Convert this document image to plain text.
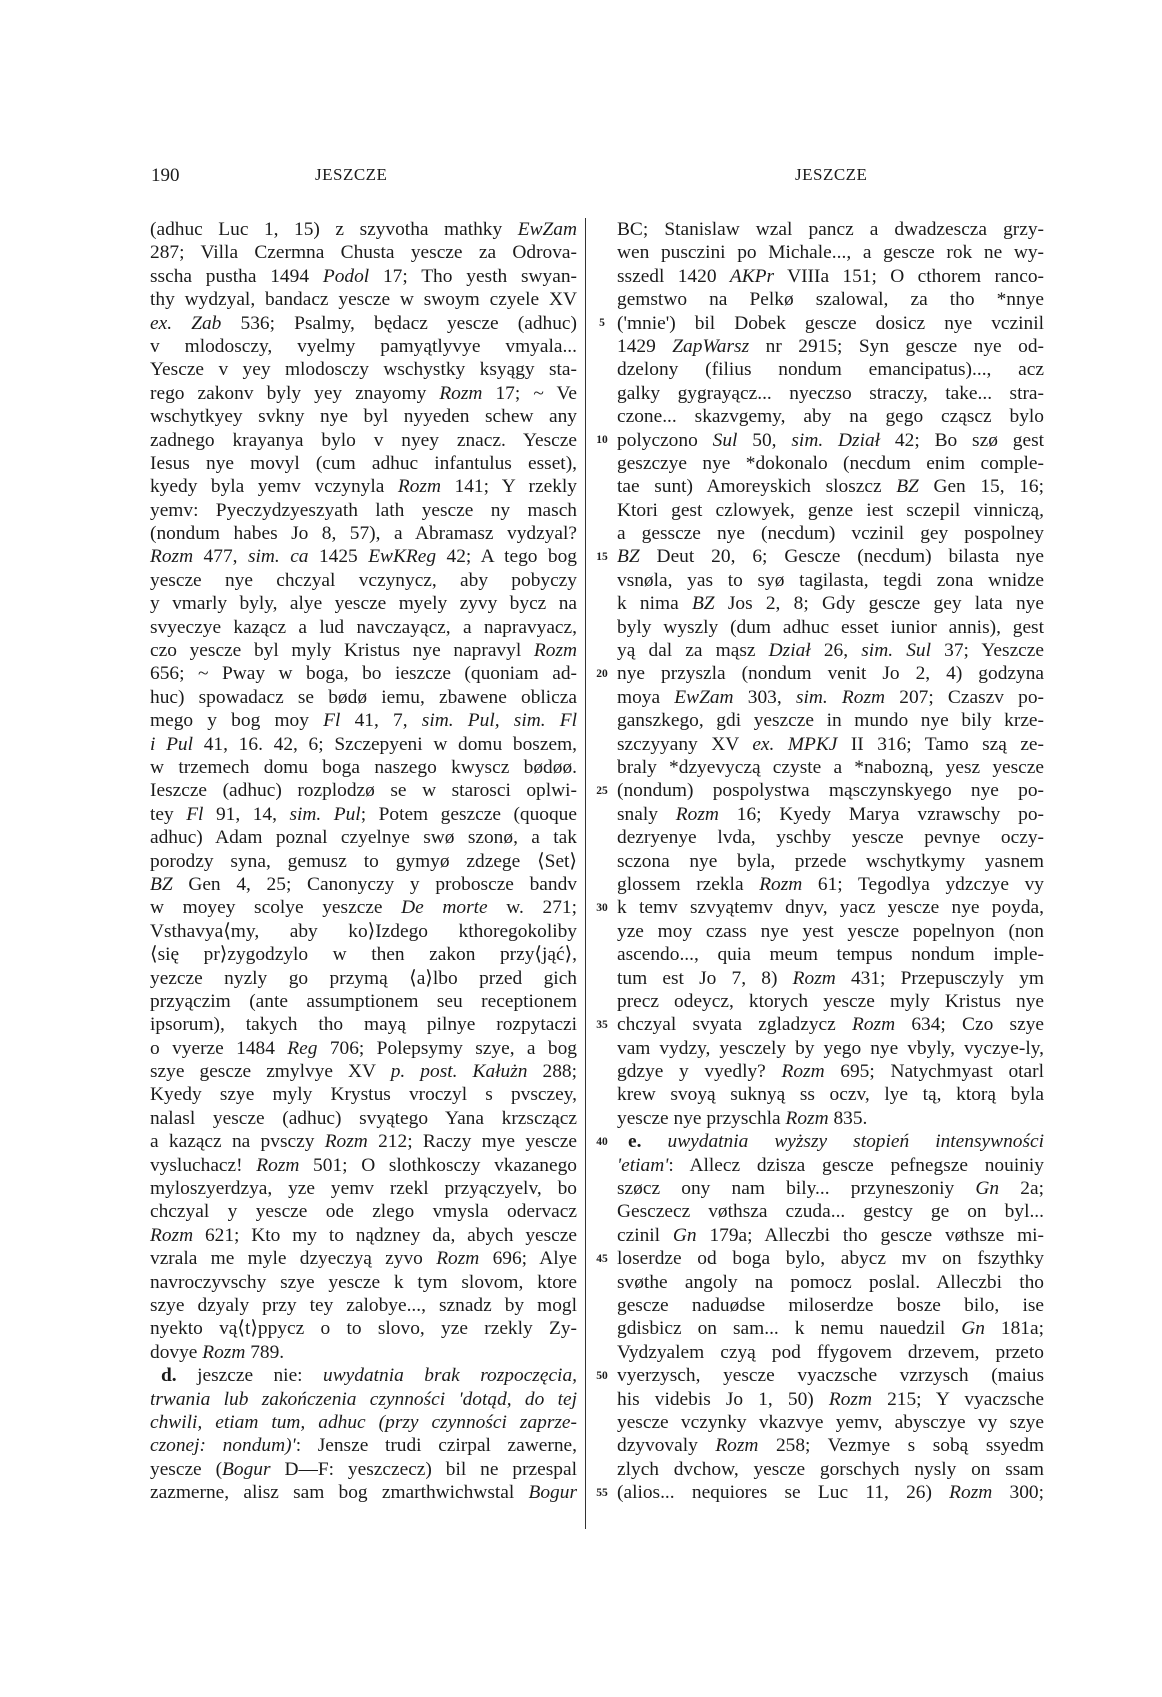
190	JESZCZE	JESZCZE
(adhuc Luc 1, 15) z szyvotha mathky EwZam
287; Villa Czermna Chusta yescze za Odrova-
sscha pustha 1494 Podol 17; Tho yesth swyan-
thy wydzyal, bandacz yescze w swoym czyele XV
ex. Zab 536; Psalmy, będacz yescze (adhuc)
v mlodosczy, vyelmy pamyątlyvye vmyala...
Yescze v yey mlodosczy wschystky ksyągy sta-
rego zakonv byly yey znayomy Rozm 17; ~ Ve
wschytkyey svkny nye byl nyyeden schew any
zadnego krayanya bylo v nyey znacz. Yescze
Iesus nye movyl (cum adhuc infantulus esset),
kyedy byla yemv vczynyla Rozm 141; Y rzekly
yemv: Pyeczydzyeszyath lath yescze ny masch
(nondum habes Jo 8, 57), a Abramasz vydzyal?
Rozm 477, sim. ca 1425 EwKReg 42; A tego bog
yescze nye chczyal vczynycz, aby pobyczy
y vmarly byly, alye yescze myely zyvy bycz na
svyeczye kazącz a lud navczayącz, a napravyacz,
czo yescze byl myly Kristus nye napravyl Rozm
656; ~ Pway w boga, bo ieszcze (quoniam ad-
huc) spowadacz se bødø iemu, zbawene oblicza
mego y bog moy Fl 41, 7, sim. Pul, sim. Fl
i Pul 41, 16. 42, 6; Szczepyeni w domu boszem,
w trzemech domu boga naszego kwyscz bødøø.
Ieszcze (adhuc) rozplodzø se w starosci oplwi-
tey Fl 91, 14, sim. Pul; Potem geszcze (quoque
adhuc) Adam poznal czyelnye swø szonø, a tak
porodzy syna, gemusz to gymyø zdzege ⟨Set⟩
BZ Gen 4, 25; Canonyczy y probosczе bandv
w moyey scolye yeszcze De morte w. 271;
Vsthavya⟨my, aby ko⟩Izdego kthoregokoliby
⟨się pr⟩zygodzylo w then zakon przy⟨jąć⟩,
yezcze nyzly go przymą ⟨a⟩lbo przed gich
przyączim (ante assumptionem seu receptionem
ipsorum), takych tho mayą pilnye rozpytaczi
o vyerze 1484 Reg 706; Polepsymy szye, a bog
szye gescze zmylvye XV p. post. Kałużn 288;
Kyedy szye myly Krystus vroczyl s pvsczey,
nalasl yescze (adhuc) svyątego Yana krzsczącz
a kazącz na pvsczy Rozm 212; Raczy mye yescze
vysluchacz! Rozm 501; O slothkosczy vkazanego
myloszyerdzya, yze yemv rzekl przyączyelv, bo
chczyal y yescze ode zlego vmysla odervacz
Rozm 621; Kto my to nądzney da, abych yescze
vzrala me myle dzyeczyą zyvo Rozm 696; Alye
navroczyvschy szye yescze k tym slovom, ktore
szye dzyaly przy tey zalobye..., sznadz by mogl
nyekto vą⟨t⟩ppycz o to slovo, yze rzekly Zy-
dovye Rozm 789.
d. jeszcze nie: uwydatnia brak rozpoczęcia,
trwania lub zakończenia czynności 'dotąd, do tej
chwili, etiam tum, adhuc (przy czynności zaprze-
czonej: nondum)': Jensze trudi czirpal zawerne,
yescze (Bogur D—F: yeszczecz) bil ne przespal
zazmerne, alisz sam bog zmarthwichwstal Bogur
5
10
15
20
25
30
35
40
45
50
55
BC; Stanislaw wzal pancz a dwadzescza grzy-
wen pusczini po Michale..., a gescze rok ne wy-
sszedl 1420 AKPr VIIIa 151; O cthorem ranco-
gemstwo na Pelkø szalowal, za tho *nnye
('mnie') bil Dobek gescze dosicz nye vczinil
1429 ZapWarsz nr 2915; Syn gescze nye od-
dzelony (filius nondum emancipatus)..., acz
galky gygrayącz... nyeczso straczy, take... stra-
czone... skazvgemy, aby na gego cząscz bylo
polyczono Sul 50, sim. Dział 42; Bo szø gest
geszczye nye *dokonalo (necdum enim comple-
tae sunt) Amoreyskich sloszcz BZ Gen 15, 16;
Ktori gest czlowyek, genze iest sczepil vinniczą,
a gesscze nye (necdum) vczinil gey pospolney
BZ Deut 20, 6; Gescze (necdum) bilasta nye
vsnøla, yas to syø tagilasta, tegdi zona wnidze
k nima BZ Jos 2, 8; Gdy gescze gey lata nye
byly wyszly (dum adhuc esset iunior annis), gest
yą dal za mąsz Dział 26, sim. Sul 37; Yeszcze
nye przyszla (nondum venit Jo 2, 4) godzyna
moya EwZam 303, sim. Rozm 207; Czaszv po-
ganszkego, gdi yeszcze in mundo nye bily krze-
szczyyany XV ex. MPKJ II 316; Tamo szą ze-
braly *dzyevyczą czyste a *nabozną, yesz yescze
(nondum) pospolystwa mąsczynskyego nye po-
snaly Rozm 16; Kyedy Marya vzrawschy po-
dezryenye lvda, yschby yescze pevnye oczy-
sczona nye byla, przede wschytkymy yasnem
glossem rzekla Rozm 61; Tegodlya ydzczye vy
k temv szvyątemv dnyv, yacz yescze nye poyda,
yze moy czass nye yest yescze popelnyon (non
ascendo..., quia meum tempus nondum imple-
tum est Jo 7, 8) Rozm 431; Przepusczyly ym
precz odeycz, ktorych yescze myly Kristus nye
chczyal svyata zgladzycz Rozm 634; Czo szye
vam vydzy, yesczely by yego nye vbyly, vyczye-ly,
gdzye y vyedly? Rozm 695; Natychmyast otarl
krew svoyą suknyą ss oczv, lye tą, ktorą byla
yescze nye przyschla Rozm 835.
e. uwydatnia wyższy stopień intensywności
'etiam': Allecz dzisza gescze pefnegsze nouiniy
szøcz ony nam bily... przyneszoniy Gn 2a;
Gesczecz vøthsza czuda... gestcy ge on byl...
czinil Gn 179a; Alleczbi tho gescze vøthsze mi-
loserdze od boga bylo, abycz mv on fszythky
svøthe angoly na pomocz poslal. Alleczbi tho
gescze naduødse miloserdze bosze bilo, ise
gdisbicz on sam... k nemu nauedzil Gn 181a;
Vydzyalem czyą pod ffygovem drzevem, przeto
vyerzysch, yescze vyaczsche vzrzysch (maius
his videbis Jo 1, 50) Rozm 215; Y vyaczsche
yescze vczynky vkazvye yemv, abysczye vy szye
dzyvovaly Rozm 258; Vezmye s sobą ssyedm
zlych dvchow, yescze gorschych nysly on ssam
(alios... nequiores se Luc 11, 26) Rozm 300;
